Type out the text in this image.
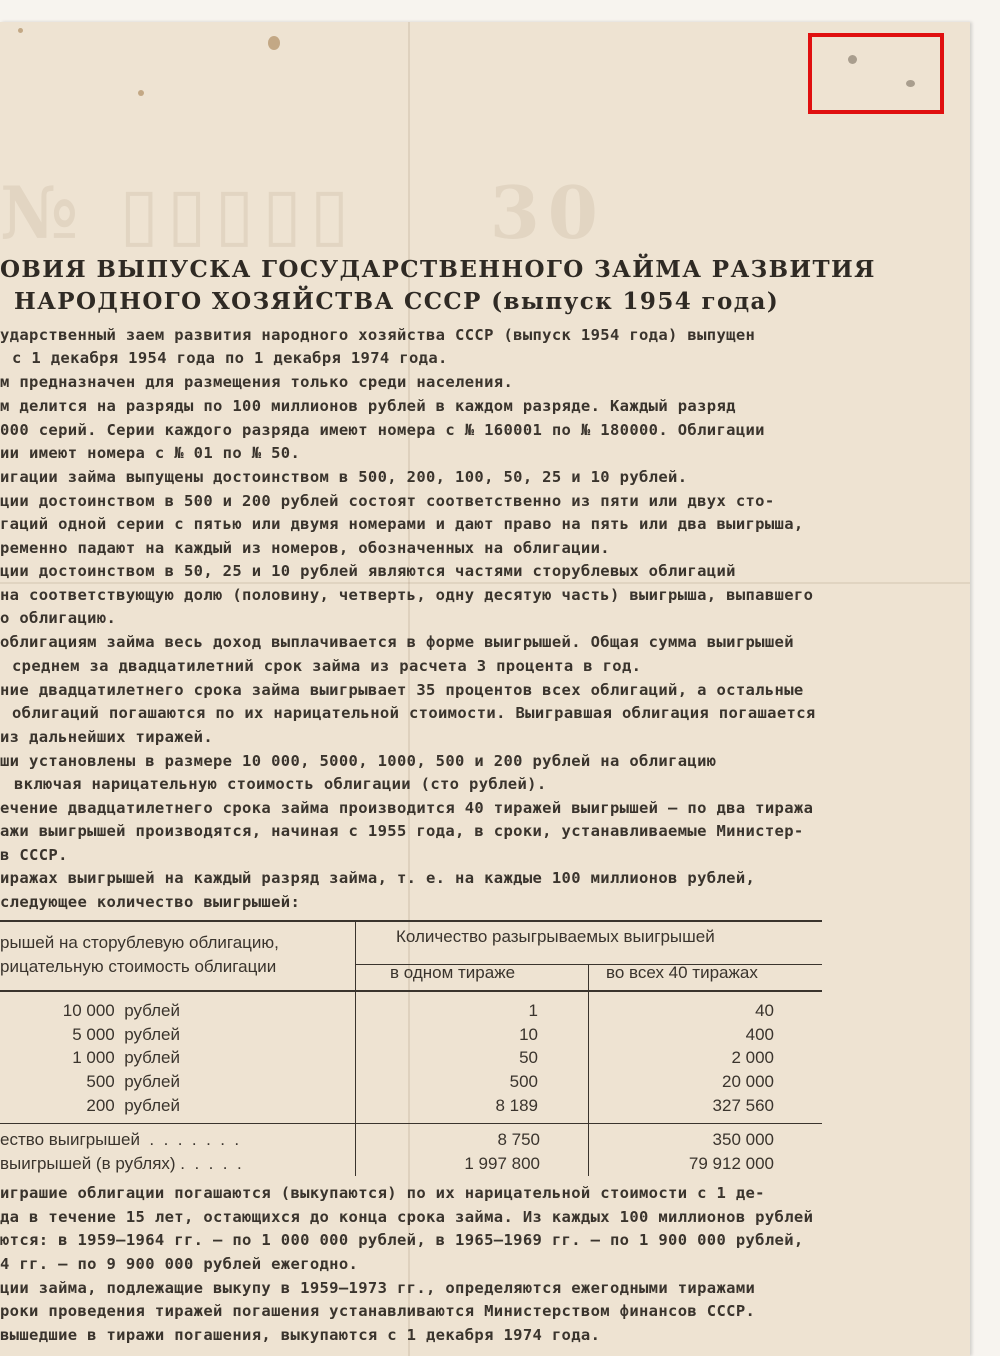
№ ▯▯▯▯▯    30
ОВИЯ ВЫПУСКА ГОСУДАРСТВЕННОГО ЗАЙМА РАЗВИТИЯ
НАРОДНОГО ХОЗЯЙСТВА СССР (выпуск 1954 года)
ударственный заем развития народного хозяйства СССР (выпуск 1954 года) выпущен
с 1 декабря 1954 года по 1 декабря 1974 года.
м предназначен для размещения только среди населения.
м делится на разряды по 100 миллионов рублей в каждом разряде. Каждый разряд
000 серий. Серии каждого разряда имеют номера с № 160001 по № 180000. Облигации
ии имеют номера с № 01 по № 50.
игации займа выпущены достоинством в 500, 200, 100, 50, 25 и 10 рублей.
ции достоинством в 500 и 200 рублей состоят соответственно из пяти или двух сто-
гаций одной серии с пятью или двумя номерами и дают право на пять или два выигрыша,
ременно падают на каждый из номеров, обозначенных на облигации.
ции достоинством в 50, 25 и 10 рублей являются частями сторублевых облигаций
на соответствующую долю (половину, четверть, одну десятую часть) выигрыша, выпавшего
о облигацию.
облигациям займа весь доход выплачивается в форме выигрышей. Общая сумма выигрышей
среднем за двадцатилетний срок займа из расчета 3 процента в год.
ние двадцатилетнего срока займа выигрывает 35 процентов всех облигаций, а остальные
облигаций погашаются по их нарицательной стоимости. Выигравшая облигация погашается
из дальнейших тиражей.
ши установлены в размере 10 000, 5000, 1000, 500 и 200 рублей на облигацию
включая нарицательную стоимость облигации (сто рублей).
ечение двадцатилетнего срока займа производится 40 тиражей выигрышей — по два тиража
ажи выигрышей производятся, начиная с 1955 года, в сроки, устанавливаемые Министер-
в СССР.
иражах выигрышей на каждый разряд займа, т. е. на каждые 100 миллионов рублей,
следующее количество выигрышей:
рышей на сторублевую облигацию,
рицательную стоимость облигации
Количество разыгрываемых выигрышей
в одном тираже	во всех 40 тиражах
10 000  рублей	1	40
5 000  рублей	10	400
1 000  рублей	50	2 000
500  рублей	500	20 000
200  рублей	8 189	327 560
ество выигрышей  .  .  .  .  .  .  .	8 750	350 000
выигрышей (в рублях) .  .  .  .  .	1 997 800	79 912 000
играшие облигации погашаются (выкупаются) по их нарицательной стоимости с 1 де-
да в течение 15 лет, остающихся до конца срока займа. Из каждых 100 миллионов рублей
ются: в 1959—1964 гг. — по 1 000 000 рублей, в 1965—1969 гг. — по 1 900 000 рублей,
4 гг. — по 9 900 000 рублей ежегодно.
ции займа, подлежащие выкупу в 1959—1973 гг., определяются ежегодными тиражами
роки проведения тиражей погашения устанавливаются Министерством финансов СССР.
вышедшие в тиражи погашения, выкупаются с 1 декабря 1974 года.
